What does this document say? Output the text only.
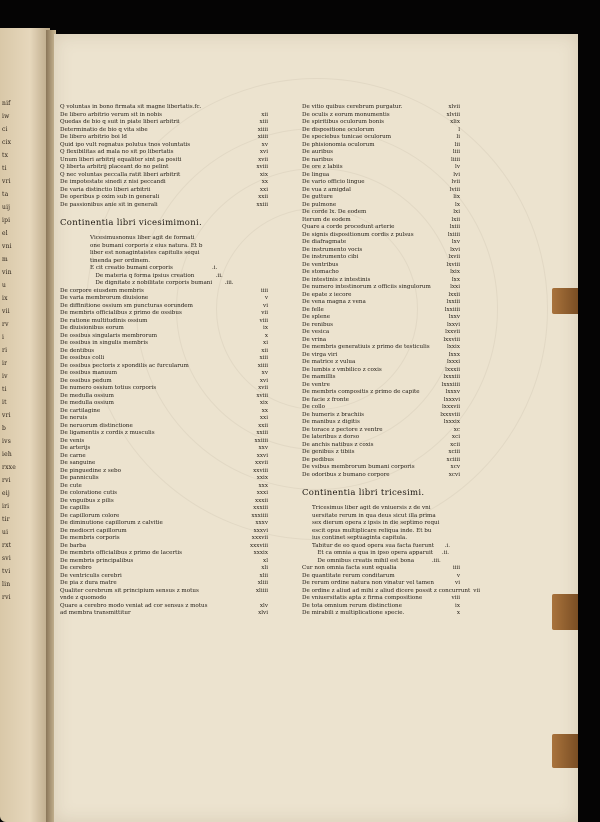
nif
iw
ci
cix
tx
ti
vri
ta
uij
ipi
el
vni
m
vin
u
ix
vii
rv
i
ri
ir
iv
ti
it
vri
b
ivs
ieh
rxxe
rvi
eij
iri
tir
ui
rxt
svi
tvi
lin
rvi
Q voluntas in bono firmata sit magne libertatis.fc.
De libero arbitrio verum sit in nobis	xii
Quedas de bio q suit in piate liberi arbitrii	xiii
Determinatio de bio q vita sibe	xiiii
De libero arbitrio boi ld	xiiii
Quid ipo vult regnatus polutus tnos voluntatis	xv
Q flexibilitas ad mala no sit po libertatis	xvi
Unum liberi arbitrij equaliter sint pa positi	xvii
Q liberta arbitrij placeant do no pelint	xviii
Q nec voluntas peccalla ratit liberi arbitrit	xix
De impotestate sinedi z nisi peccandi	xx
De varia distinctio liberi arbitrii	xxi
De operibus p oxim sub in generali	xxii
De passionibus anie sit in generali	xxiii
Continentia libri vicesimimoni.
Vicesimusnonus liber agit de formati
one bumani corporis z eius natura. Et b
liber est nonagintaistes capitulis sequi
tinenda per ordinem.
E cit creatio bumani corporis                      .i.
De materia q forma ipsius creation            .ii.
De dignitate z nobilitate corporis bumani       .iii.
De corpore eiusdem membris	iiii
De varia membrorum diuisione	v
De diffinitione ossium sm puncturas eorundem	vi
De membris officialibus z primo de ossibus	vii
De ratione multitudinis ossium	viii
De diuisionibus eorum	ix
De ossibus singularis membrorum	x
De ossibus in singulis membris	xi
De dentibus	xii
De ossibus colli	xiii
De ossibus pectoris z spondilis ac furcularum	xiiii
De ossibus manuum	xv
De ossibus pedum	xvi
De numero ossium totius corporis	xvii
De medulla ossium	xviii
De medulla ossium	xix
De cartilagine	xx
De neruis	xxi
De neruorum distinctione	xxii
De ligamentis z cordis z musculis	xxiii
De venis	xxiiii
De arterijs	xxv
De carne	xxvi
De sanguine	xxvii
De pinguedine z sebo	xxviii
De panniculis	xxix
De cute	xxx
De coloratione cutis	xxxi
De vnguibus z pilis	xxxii
De capillis	xxxiii
De capillorum colore	xxxiiii
De diminutione capillorum z calvitie	xxxv
De mediocri capillorum	xxxvi
De membris corporis	xxxvii
De barba	xxxviii
De membris officialibus z primo de lacertis	xxxix
De membris principalibus	xl
De cerebro	xli
De ventriculis cerebri	xlii
De pia z dura matre	xliii
Qualiter cerebrum sit principium sensus z motus	xliiii
vnde z quomodo
Quare a cerebro modo veniat ad cor sensus z motus	xlv
ad membra transmittitur	xlvi
De vitio quibus cerebrum purgatur.	xlvii
De oculis z eorum monumentis	xlviii
De spiritibus oculorum bonis	xlix
De dispositione oculorum	l
De speciebus tunicae oculorum	li
De phisionomia oculorum	lii
De auribus	liii
De naribus	liiii
De ore z labiis	lv
De lingua	lvi
De vario officio lingue	lvii
De vua z amigdal	lviii
De gutture	lix
De pulmone	lx
De corde lx. De eodem	lxi
Iterum de eodem	lxii
Quare a corde procedunt arterie	lxiii
De signis dispositionum cordis z pulsus	lxiiii
De diafragmate	lxv
De instrumento vocis	lxvi
De instrumento cibi	lxvii
De ventribus	lxviii
De stomacho	lxix
De intestinis z intestinis	lxx
De numero intestinorum z officiis singulorum	lxxi
De epate z iecore	lxxii
De vena magna z vena	lxxiii
De felle	lxxiiii
De splene	lxxv
De renibus	lxxvi
De vesica	lxxvii
De vrina	lxxviii
De membris generatiuis z primo de testiculis	lxxix
De virga viri	lxxx
De matrice z vulua	lxxxi
De lumbis z vmbilico z coxis	lxxxii
De mamillis	lxxxiii
De ventre	lxxxiiii
De membris compositis z primo de capite	lxxxv
De facie z fronte	lxxxvi
De collo	lxxxvii
De humeris z brachiis	lxxxviii
De manibus z digitis	lxxxix
De torace z pectore z ventre	xc
De lateribus z dorso	xci
De anchis natibus z coxis	xcii
De genibus z tibiis	xciii
De pedibus	xciiii
De vsibus membrorum bumani corporis	xcv
De odoribus z bumano corpore	xcvi
Continentia libri tricesimi.
Tricesimus liber agit de vniuersis z de vni
uersitate rerum in qua deus sicut illa prima
sex dierum opera z ipsis in die septimo requi
escit opus multiplicare reliqua inde. Et bu
ius continet septuaginta capitula.
Tabitur de eo quod opera sua facta fuerunt      .i.
Et ca omnia a qua in ipso opera apparuit     .ii.
De omnibus creatis mihil est bona          .iii.
Cur non omnia facta sunt equalia	iiii
De quantitate rerum conditarum	v
De rerum ordine natura non vinatur vel tamen	vi
De ordine z aliud ad mihi z aliud dicere possit z concurrunt vii
De vniuersitatis apta z firma compositione	viii
De tota omnium rerum distinctione	ix
De mirabili z multiplicatione specie.	x
